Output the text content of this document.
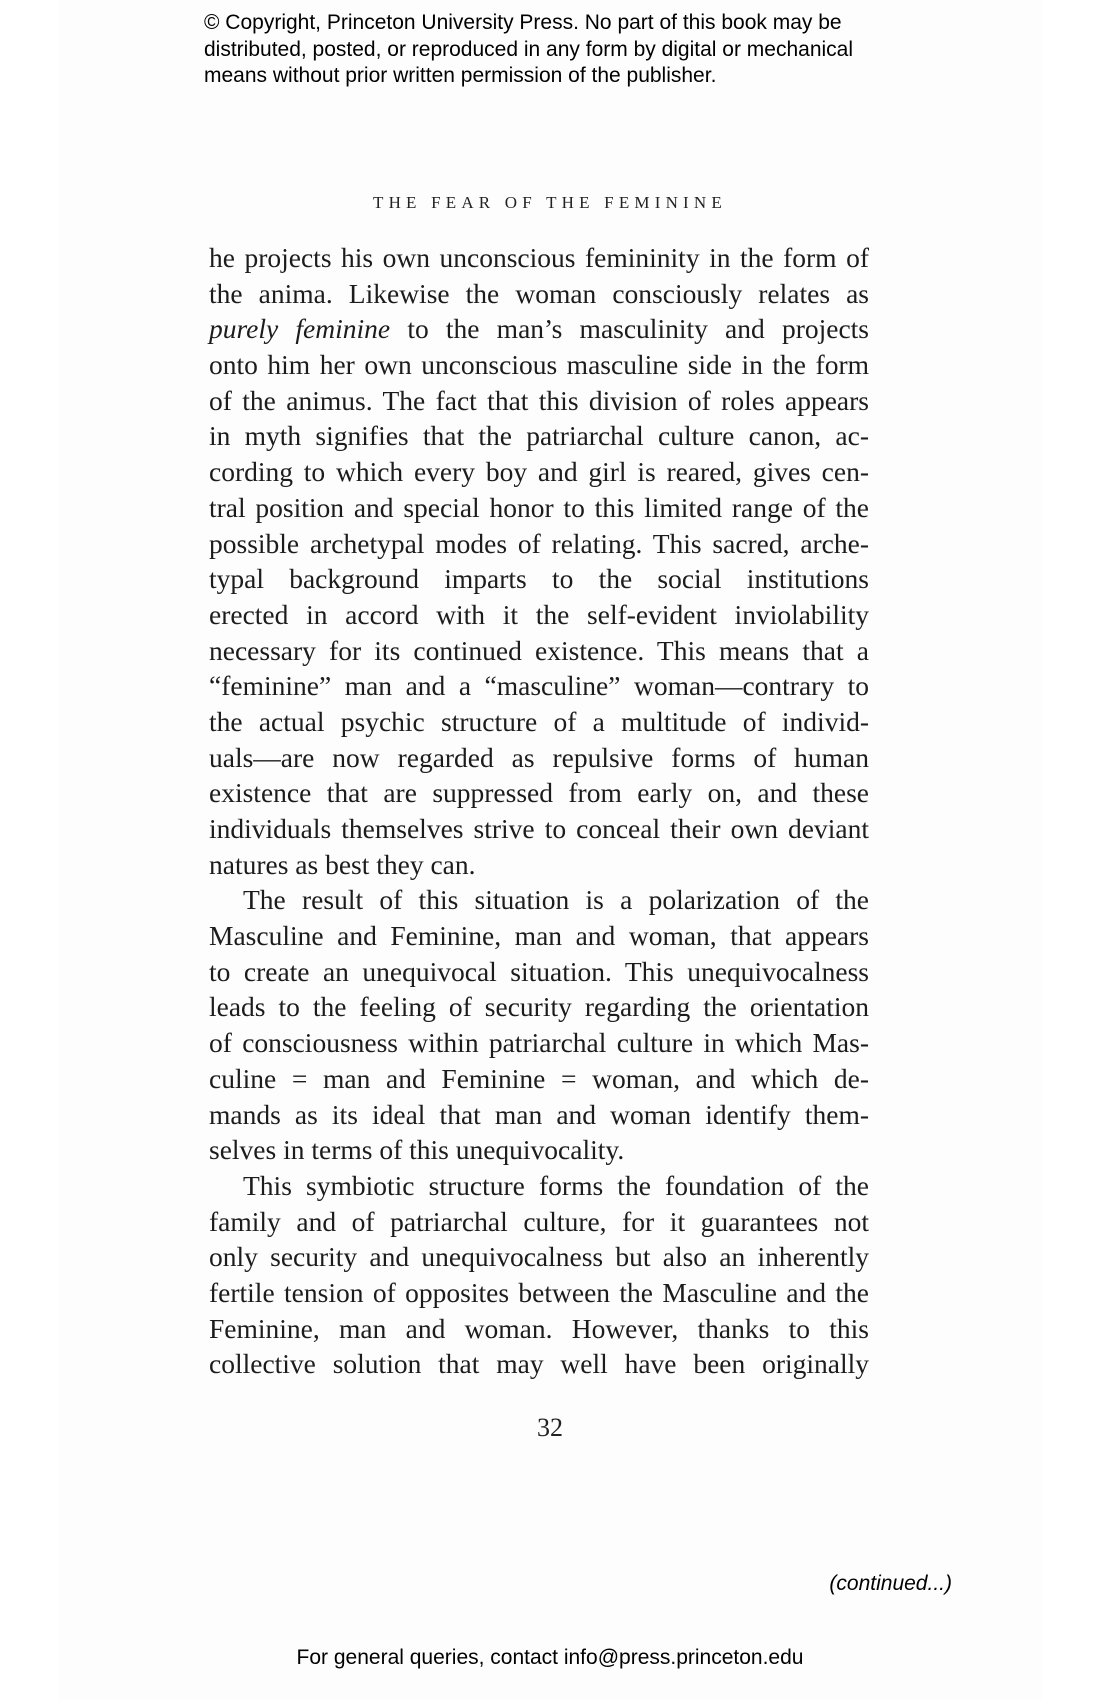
© Copyright, Princeton University Press. No part of this book may be
distributed, posted, or reproduced in any form by digital or mechanical
means without prior written permission of the publisher.
THE FEAR OF THE FEMININE
he projects his own unconscious femininity in the form of
the anima. Likewise the woman consciously relates as
purely feminine to the man’s masculinity and projects
onto him her own unconscious masculine side in the form
of the animus. The fact that this division of roles appears
in myth signifies that the patriarchal culture canon, ac-
cording to which every boy and girl is reared, gives cen-
tral position and special honor to this limited range of the
possible archetypal modes of relating. This sacred, arche-
typal background imparts to the social institutions
erected in accord with it the self-evident inviolability
necessary for its continued existence. This means that a
“feminine” man and a “masculine” woman—contrary to
the actual psychic structure of a multitude of individ-
uals—are now regarded as repulsive forms of human
existence that are suppressed from early on, and these
individuals themselves strive to conceal their own deviant
natures as best they can.
The result of this situation is a polarization of the
Masculine and Feminine, man and woman, that appears
to create an unequivocal situation. This unequivocalness
leads to the feeling of security regarding the orientation
of consciousness within patriarchal culture in which Mas-
culine = man and Feminine = woman, and which de-
mands as its ideal that man and woman identify them-
selves in terms of this unequivocality.
This symbiotic structure forms the foundation of the
family and of patriarchal culture, for it guarantees not
only security and unequivocalness but also an inherently
fertile tension of opposites between the Masculine and the
Feminine, man and woman. However, thanks to this
collective solution that may well have been originally
32
(continued...)
For general queries, contact info@press.princeton.edu
